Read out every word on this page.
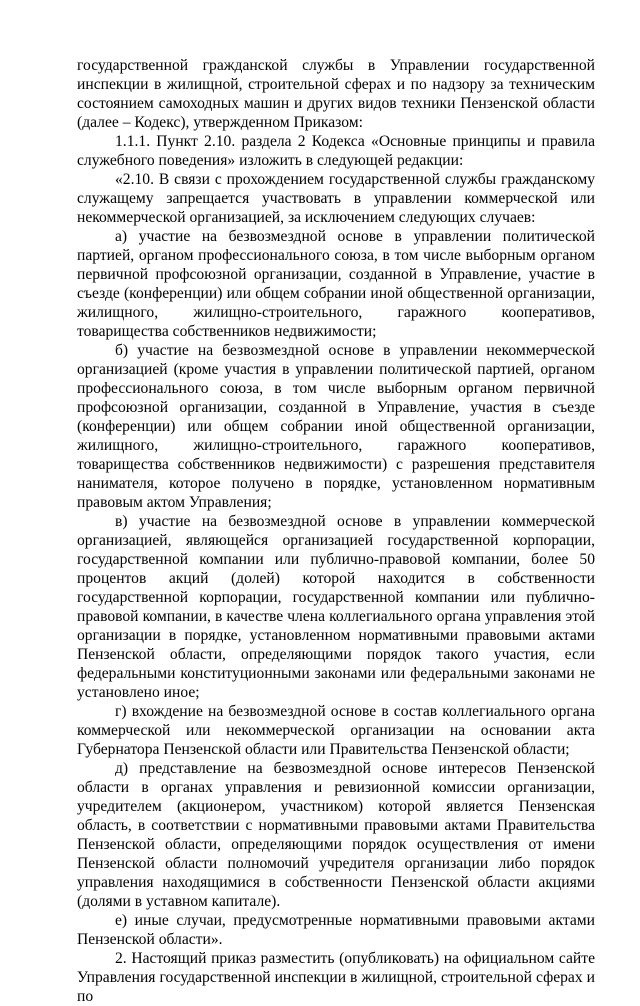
государственной гражданской службы в Управлении государственной инспекции в жилищной, строительной сферах и по надзору за техническим состоянием самоходных машин и других видов техники Пензенской области (далее – Кодекс), утвержденном Приказом:

1.1.1. Пункт 2.10. раздела 2 Кодекса «Основные принципы и правила служебного поведения» изложить в следующей редакции:

«2.10. В связи с прохождением государственной службы гражданскому служащему запрещается участвовать в управлении коммерческой или некоммерческой организацией, за исключением следующих случаев:

а) участие на безвозмездной основе в управлении политической партией, органом профессионального союза, в том числе выборным органом первичной профсоюзной организации, созданной в Управление, участие в съезде (конференции) или общем собрании иной общественной организации, жилищного, жилищно-строительного, гаражного кооперативов, товарищества собственников недвижимости;

б) участие на безвозмездной основе в управлении некоммерческой организацией (кроме участия в управлении политической партией, органом профессионального союза, в том числе выборным органом первичной профсоюзной организации, созданной в Управление, участия в съезде (конференции) или общем собрании иной общественной организации, жилищного, жилищно-строительного, гаражного кооперативов, товарищества собственников недвижимости) с разрешения представителя нанимателя, которое получено в порядке, установленном нормативным правовым актом Управления;

в) участие на безвозмездной основе в управлении коммерческой организацией, являющейся организацией государственной корпорации, государственной компании или публично-правовой компании, более 50 процентов акций (долей) которой находится в собственности государственной корпорации, государственной компании или публично-правовой компании, в качестве члена коллегиального органа управления этой организации в порядке, установленном нормативными правовыми актами Пензенской области, определяющими порядок такого участия, если федеральными конституционными законами или федеральными законами не установлено иное;

г) вхождение на безвозмездной основе в состав коллегиального органа коммерческой или некоммерческой организации на основании акта Губернатора Пензенской области или Правительства Пензенской области;

д) представление на безвозмездной основе интересов Пензенской области в органах управления и ревизионной комиссии организации, учредителем (акционером, участником) которой является Пензенская область, в соответствии с нормативными правовыми актами Правительства Пензенской области, определяющими порядок осуществления от имени Пензенской области полномочий учредителя организации либо порядок управления находящимися в собственности Пензенской области акциями (долями в уставном капитале).

е) иные случаи, предусмотренные нормативными правовыми актами Пензенской области».

2. Настоящий приказ разместить (опубликовать) на официальном сайте Управления государственной инспекции в жилищной, строительной сферах и по
